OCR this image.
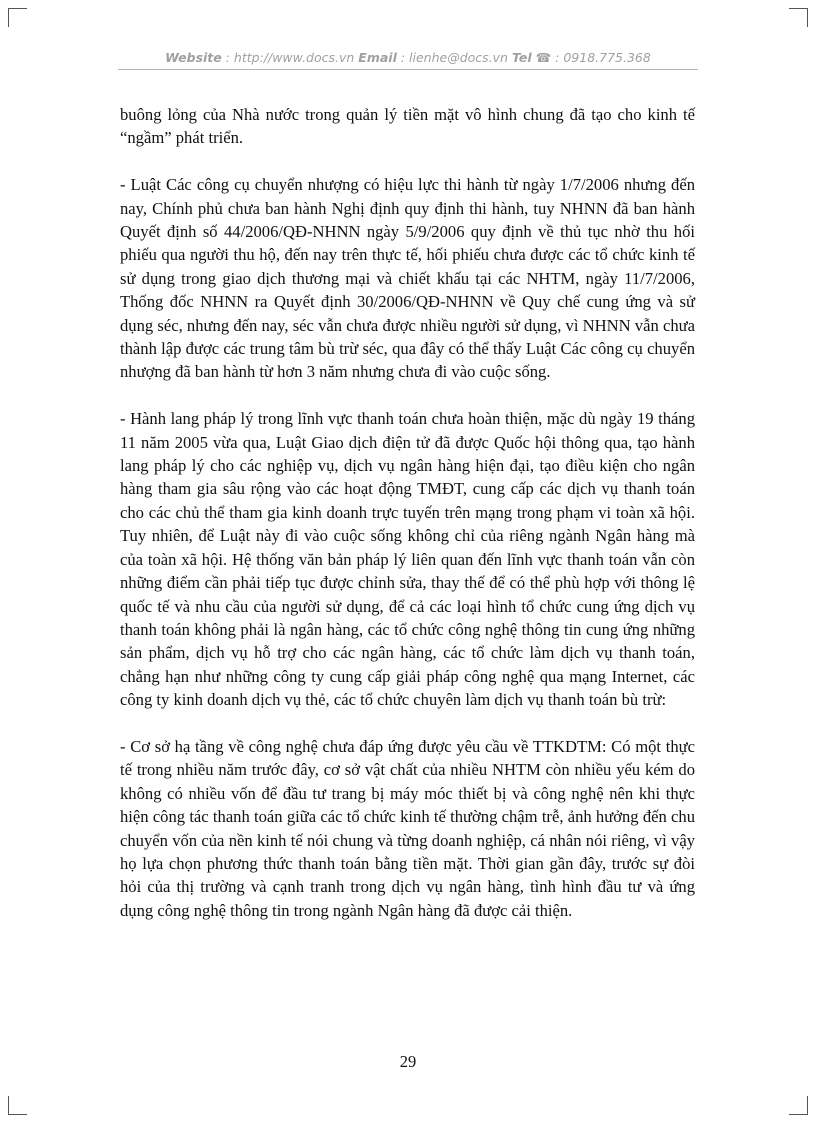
Website : http://www.docs.vn Email : lienhe@docs.vn Tel ☎ : 0918.775.368

buông lỏng của Nhà nước trong quản lý tiền mặt vô hình chung đã tạo cho kinh tế “ngầm” phát triển.

- Luật Các công cụ chuyển nhượng có hiệu lực thi hành từ ngày 1/7/2006 nhưng đến nay, Chính phủ chưa ban hành Nghị định quy định thi hành, tuy NHNN đã ban hành Quyết định số 44/2006/QĐ-NHNN ngày 5/9/2006 quy định về thủ tục nhờ thu hối phiếu qua người thu hộ, đến nay trên thực tế, hối phiếu chưa được các tổ chức kinh tế sử dụng trong giao dịch thương mại và chiết khấu tại các NHTM, ngày 11/7/2006, Thống đốc NHNN ra Quyết định 30/2006/QĐ-NHNN về Quy chế cung ứng và sử dụng séc, nhưng đến nay, séc vẫn chưa được nhiều người sử dụng, vì NHNN vẫn chưa thành lập được các trung tâm bù trừ séc, qua đây có thể thấy Luật Các công cụ chuyển nhượng đã ban hành từ hơn 3 năm nhưng chưa đi vào cuộc sống.

- Hành lang pháp lý trong lĩnh vực thanh toán chưa hoàn thiện, mặc dù ngày 19 tháng 11 năm 2005 vừa qua, Luật Giao dịch điện tử đã được Quốc hội thông qua, tạo hành lang pháp lý cho các nghiệp vụ, dịch vụ ngân hàng hiện đại, tạo điều kiện cho ngân hàng tham gia sâu rộng vào các hoạt động TMĐT, cung cấp các dịch vụ thanh toán cho các chủ thể tham gia kinh doanh trực tuyến trên mạng trong phạm vi toàn xã hội. Tuy nhiên, để Luật này đi vào cuộc sống không chỉ của riêng ngành Ngân hàng mà của toàn xã hội. Hệ thống văn bản pháp lý liên quan đến lĩnh vực thanh toán vẫn còn những điểm cần phải tiếp tục được chỉnh sửa, thay thế để có thể phù hợp với thông lệ quốc tế và nhu cầu của người sử dụng, để cả các loại hình tổ chức cung ứng dịch vụ thanh toán không phải là ngân hàng, các tổ chức công nghệ thông tin cung ứng những sản phẩm, dịch vụ hỗ trợ cho các ngân hàng, các tổ chức làm dịch vụ thanh toán, chẳng hạn như những công ty cung cấp giải pháp công nghệ qua mạng Internet, các công ty kinh doanh dịch vụ thẻ, các tổ chức chuyên làm dịch vụ thanh toán bù trừ:

- Cơ sở hạ tầng về công nghệ chưa đáp ứng được yêu cầu về TTKDTM: Có một thực tế trong nhiều năm trước đây, cơ sở vật chất của nhiều NHTM còn nhiều yếu kém do không có nhiều vốn để đầu tư trang bị máy móc thiết bị và công nghệ nên khi thực hiện công tác thanh toán giữa các tổ chức kinh tế thường chậm trễ, ảnh hưởng đến chu chuyển vốn của nền kinh tế nói chung và từng doanh nghiệp, cá nhân nói riêng, vì vậy họ lựa chọn phương thức thanh toán bằng tiền mặt. Thời gian gần đây, trước sự đòi hỏi của thị trường và cạnh tranh trong dịch vụ ngân hàng, tình hình đầu tư và ứng dụng công nghệ thông tin trong ngành Ngân hàng đã được cải thiện.

29
